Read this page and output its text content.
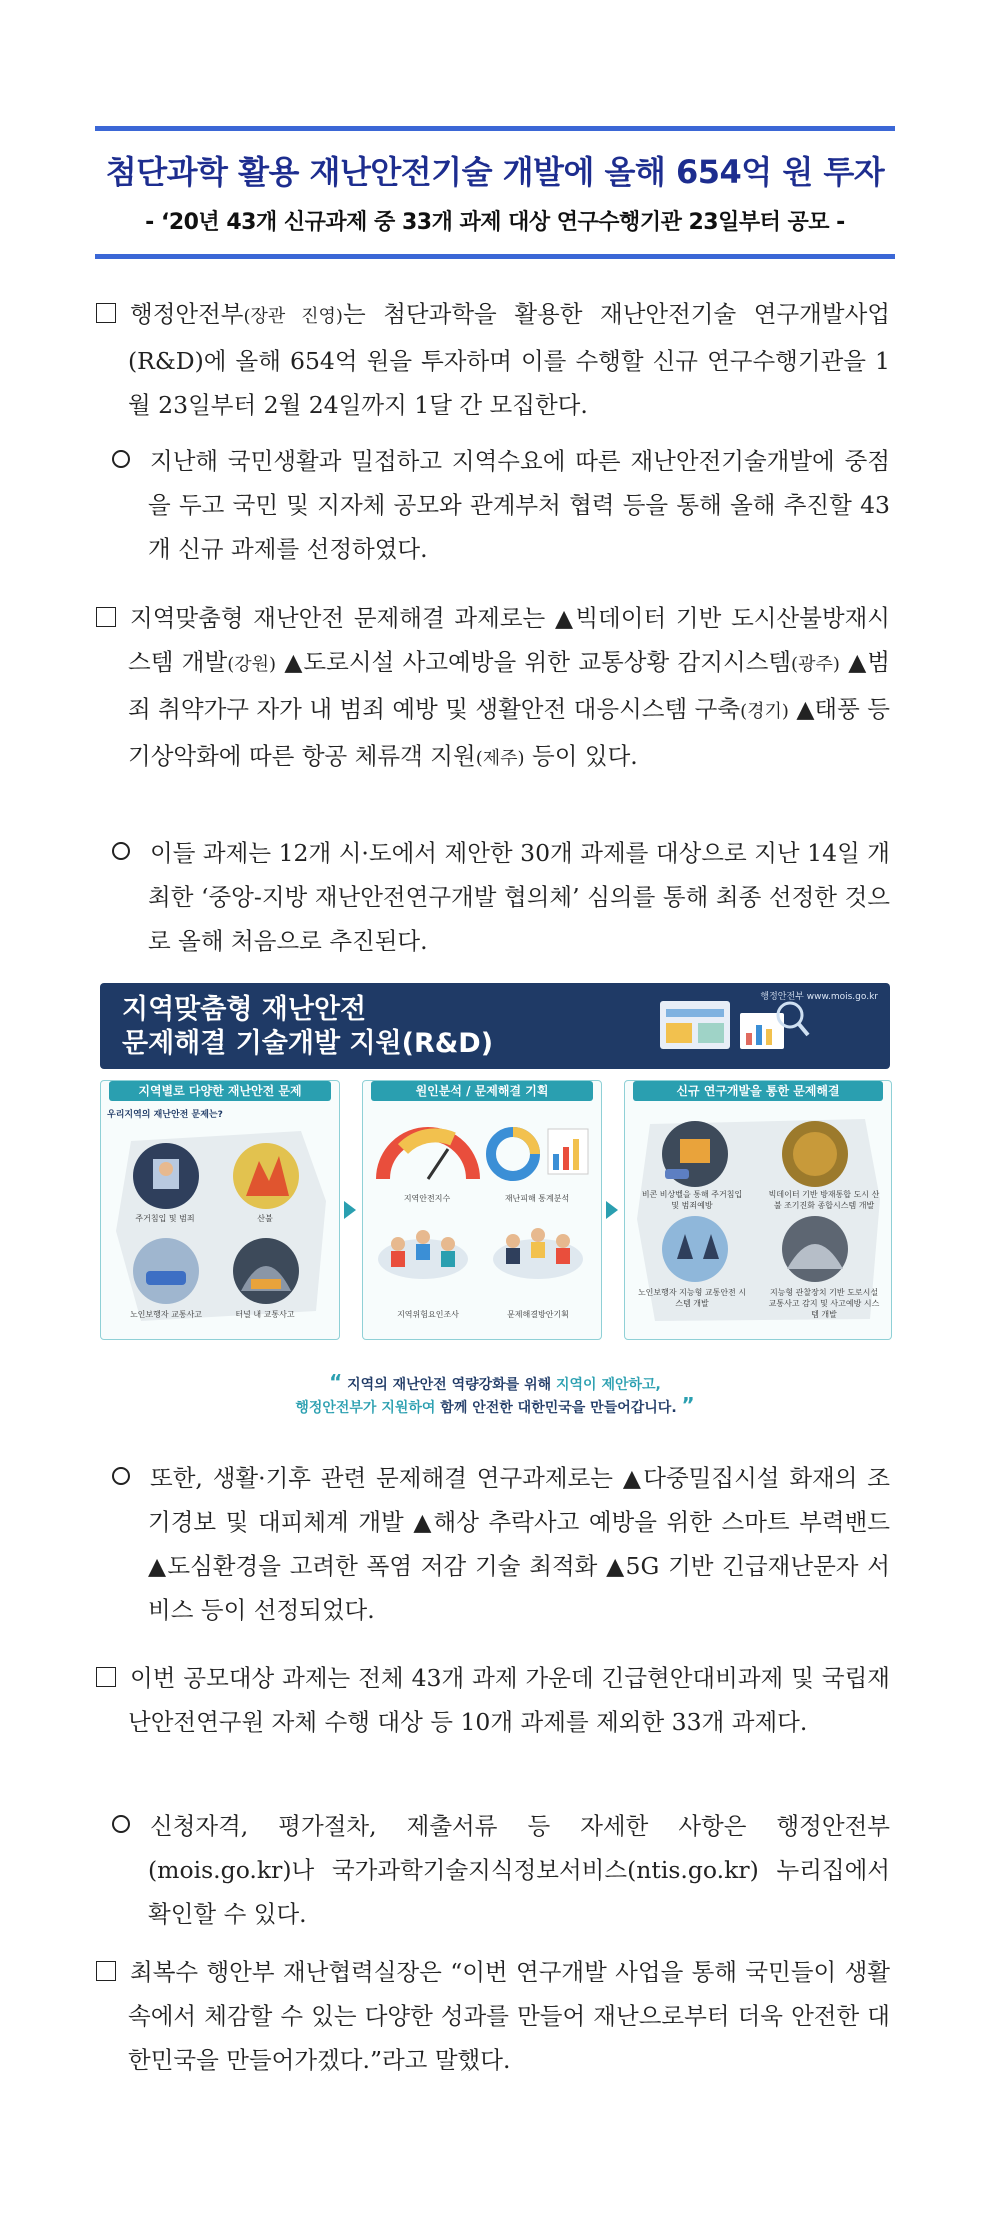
첨단과학 활용 재난안전기술 개발에 올해 654억 원 투자
- ‘20년 43개 신규과제 중 33개 과제 대상 연구수행기관 23일부터 공모 -
행정안전부(장관 진영)는 첨단과학을 활용한 재난안전기술 연구개발사업(R&D)에 올해 654억 원을 투자하며 이를 수행할 신규 연구수행기관을 1월 23일부터 2월 24일까지 1달 간 모집한다.
지난해 국민생활과 밀접하고 지역수요에 따른 재난안전기술개발에 중점을 두고 국민 및 지자체 공모와 관계부처 협력 등을 통해 올해 추진할 43개 신규 과제를 선정하였다.
지역맞춤형 재난안전 문제해결 과제로는 ▲빅데이터 기반 도시산불방재시스템 개발(강원) ▲도로시설 사고예방을 위한 교통상황 감지시스템(광주) ▲범죄 취약가구 자가 내 범죄 예방 및 생활안전 대응시스템 구축(경기) ▲태풍 등 기상악화에 따른 항공 체류객 지원(제주) 등이 있다.
이들 과제는 12개 시·도에서 제안한 30개 과제를 대상으로 지난 14일 개최한 ‘중앙-지방 재난안전연구개발 협의체’ 심의를 통해 최종 선정한 것으로 올해 처음으로 추진된다.
지역맞춤형 재난안전
문제해결 기술개발 지원(R&D)
행정안전부 www.mois.go.kr
지역별로 다양한 재난안전 문제
우리지역의 재난안전 문제는?
주거침입 및 범죄	산불
노인보행자 교통사고	터널 내 교통사고
원인분석 / 문제해결 기획
지역안전지수	재난피해 통계분석
지역위험요인조사	문제해결방안기획
신규 연구개발을 통한 문제해결
비콘 비상벨을 통해 주거침입 및 범죄예방
빅데이터 기반 방재통합 도시 산불 조기진화 종합시스템 개발
노인보행자 지능형 교통안전 시스템 개발
지능형 관찰장치 기반 도로시설 교통사고 감지 및 사고예방 시스템 개발
“ 지역의 재난안전 역량강화를 위해 지역이 제안하고,
행정안전부가 지원하여 함께 안전한 대한민국을 만들어갑니다. ”
또한, 생활·기후 관련 문제해결 연구과제로는 ▲다중밀집시설 화재의 조기경보 및 대피체계 개발 ▲해상 추락사고 예방을 위한 스마트 부력밴드 ▲도심환경을 고려한 폭염 저감 기술 최적화 ▲5G 기반 긴급재난문자 서비스 등이 선정되었다.
이번 공모대상 과제는 전체 43개 과제 가운데 긴급현안대비과제 및 국립재난안전연구원 자체 수행 대상 등 10개 과제를 제외한 33개 과제다.
신청자격, 평가절차, 제출서류 등 자세한 사항은 행정안전부(mois.go.kr)나 국가과학기술지식정보서비스(ntis.go.kr) 누리집에서 확인할 수 있다.
최복수 행안부 재난협력실장은 “이번 연구개발 사업을 통해 국민들이 생활 속에서 체감할 수 있는 다양한 성과를 만들어 재난으로부터 더욱 안전한 대한민국을 만들어가겠다.”라고 말했다.
